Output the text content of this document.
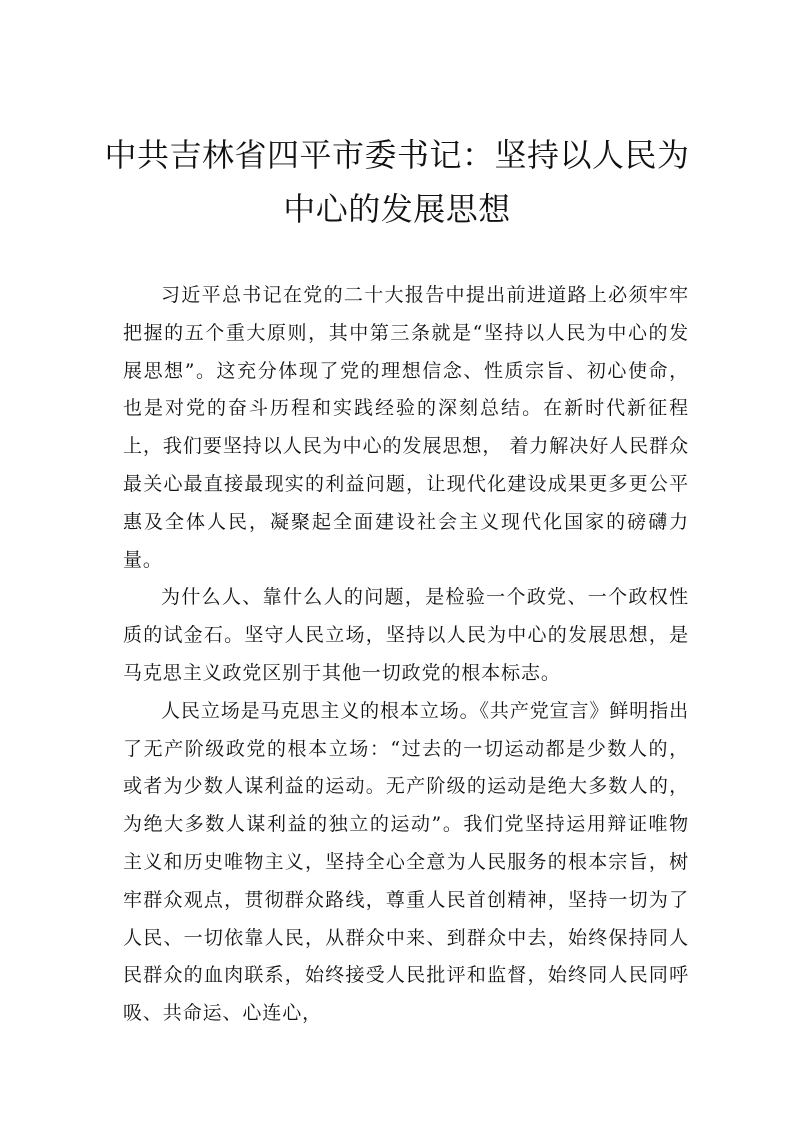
中共吉林省四平市委书记：坚持以人民为
中心的发展思想

习近平总书记在党的二十大报告中提出前进道路上必须牢牢把握的五个重大原则，其中第三条就是“坚持以人民为中心的发展思想”。这充分体现了党的理想信念、性质宗旨、初心使命，也是对党的奋斗历程和实践经验的深刻总结。在新时代新征程上，我们要坚持以人民为中心的发展思想， 着力解决好人民群众最关心最直接最现实的利益问题，让现代化建设成果更多更公平惠及全体人民，凝聚起全面建设社会主义现代化国家的磅礴力量。

为什么人、靠什么人的问题，是检验一个政党、一个政权性质的试金石。坚守人民立场，坚持以人民为中心的发展思想，是马克思主义政党区别于其他一切政党的根本标志。

人民立场是马克思主义的根本立场。《共产党宣言》鲜明指出了无产阶级政党的根本立场：“过去的一切运动都是少数人的，或者为少数人谋利益的运动。无产阶级的运动是绝大多数人的，为绝大多数人谋利益的独立的运动”。我们党坚持运用辩证唯物主义和历史唯物主义，坚持全心全意为人民服务的根本宗旨，树牢群众观点，贯彻群众路线，尊重人民首创精神，坚持一切为了人民、一切依靠人民，从群众中来、到群众中去，始终保持同人民群众的血肉联系，始终接受人民批评和监督，始终同人民同呼吸、共命运、心连心，
